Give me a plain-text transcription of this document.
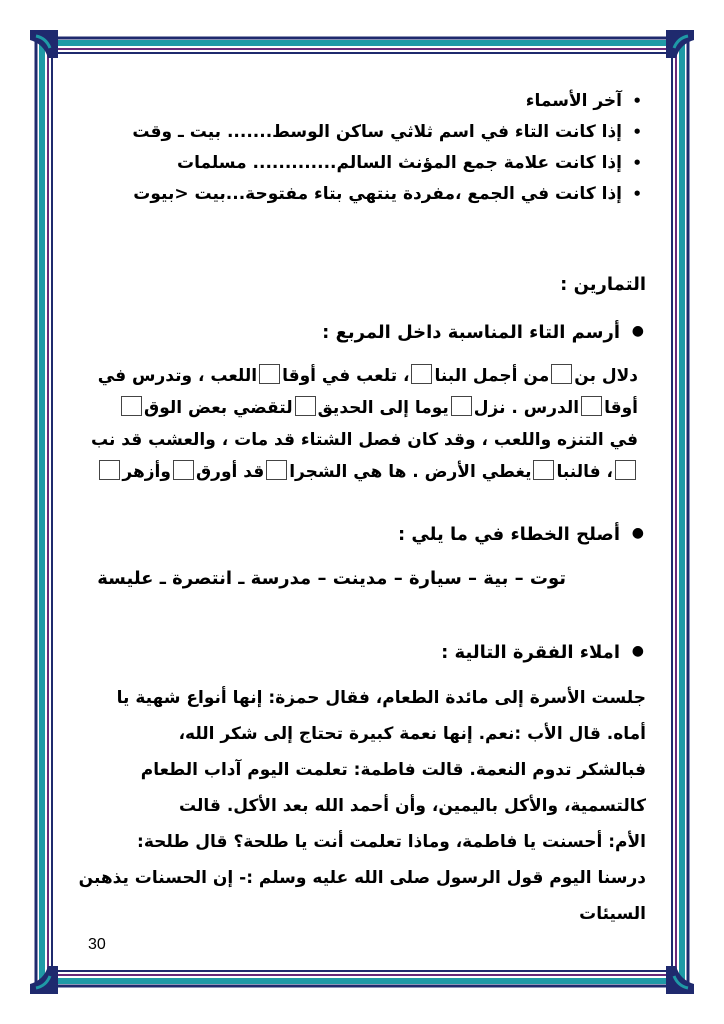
• آخر الأسماء
• إذا كانت التاء في اسم ثلاثي ساكن الوسط....... بيت ـ وقت
• إذا كانت علامة جمع المؤنث السالم............. مسلمات
• إذا كانت في الجمع ،مفردة ينتهي بتاء مفتوحة...بيت <بيوت

التمارين :

● أرسم التاء المناسبة داخل المربع :
دلال بنمن أجمل البنا، تلعب في أوقااللعب ، وتدرس في
أوقاالدرس . نزليوما إلى الحديقلتقضي بعض الوق
في التنزه واللعب ، وقد كان فصل الشتاء قد مات ، والعشب قد نب
، فالنبايغطي الأرض . ها هي الشجراقد أورقوأزهر
● أصلح الخطاء في ما يلي :
توت – بية – سيارة – مدينت – مدرسة ـ انتصرة ـ عليسة
● املاء الفقرة التالية :
جلست الأسرة إلى مائدة الطعام، فقال حمزة: إنها أنواع شهية يا
أماه. قال الأب :نعم. إنها نعمة كبيرة تحتاج إلى شكر الله،
فبالشكر تدوم النعمة. قالت فاطمة: تعلمت اليوم آداب الطعام
كالتسمية، والأكل باليمين، وأن أحمد الله بعد الأكل. قالت
الأم: أحسنت يا فاطمة، وماذا تعلمت أنت يا طلحة؟ قال طلحة:
درسنا اليوم قول الرسول صلى الله عليه وسلم :- إن الحسنات يذهبن
السيئات
30
